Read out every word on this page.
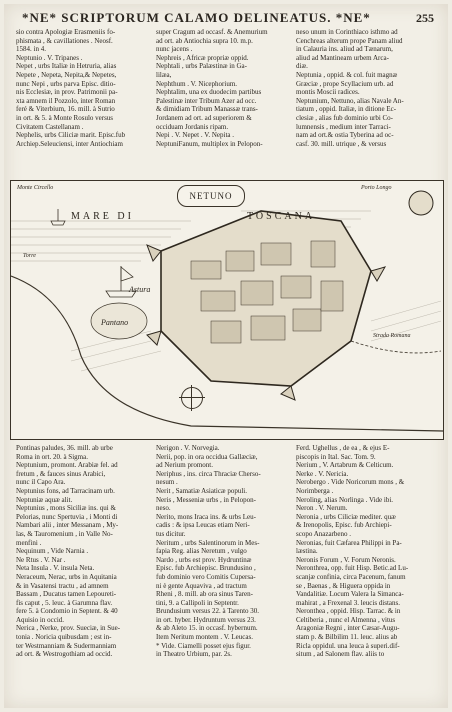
*NE* SCRIPTORUM CALAMO DELINEATUS. *NE*	255

sio contra Apologiæ Erasmeniis fo-

phismata , & cavillationes . Neosf.

1584. in 4.

Neptunio . V. Tripanes .

Nepet , urbs Italiæ in Hetruria, alias

Nepete , Nepeta, Nepita,& Nepetes,

nunc Nepi , urbs parva Episc. ditio-

nis Ecclesiæ, in prov. Patrimonii pa-

xta amnem il Pozzolo, inter Roman

feré & Viterbium, 16. mill. à Sutrio

in ort. & 5. à Monte Rosulo versus

Civitatem Castellanam .

Nephelis, urbs Ciliciæ marit. Episc.fub

Archiep.Seleuciensi, inter Antiochiam

super Cragum ad occasf. & Anemurium

ad ort. ab Antiochia supra 10. m.p.

nunc jacens .

Nephreis , Africæ propriæ oppid.

Nephtali , urbs Palæstinæ in Ga-

lilæa,

Nephthum . V. Nicephorium.

Nephtalim, una ex duodecim partibus

Palestinæ inter Tribum Azer ad occ.

& dimidiam Tribum Manassæ trans-

Jordanem ad ort. ad superiorem &

occiduam Jordanis ripam.

Nepi . V. Nepet . V. Nepita .

NeptuniFanum, multiplex in Pelopon-

neso unum in Corinthiaco isthmo ad

Cenchreas alterum prope Panam aliud

in Calauria ins. aliud ad Tænarum,

aliud ad Mantineam urbem Arca-

diæ.

Neptunia , oppid. & col. fuit magnæ

Græciæ , prope Scyllacium urb. ad

montis Moscii radices.

Neptunium, Nettuno, alias Navale An-

tiatum , oppid. Italiæ, in ditione Ec-

clesiæ , alias fub dominio urbi Co-

lumnensis , medium inter Tarraci-

nam ad ort.& ostia Tyberina ad oc-

casf. 30. mill. utrique , & versus

NETUNO
MARE DI	TOSCANA
Monte Circello	Porto Longo
Astura
Pantano
Strada Romana
Torre

Pontinas paludes, 36. mill. ab urbe

Roma in ort. 20. à Sigma.

Neptunium, promont. Arabiæ fel. ad

fretum , & fauces sinus Arabici,

nunc il Capo Ara.

Neptunius fons, ad Tarracinam urb.

Neptuniæ aquæ alit.

Neptunius , mons Siciliæ ins. qui &

Pelorias, nunc Spertuvia , i Monti di

Nambari alii , inter Messanam , My-

las, & Tauromenium , in Valle No-

menfini .

Nequinum , Vide Narnia .

Ne Rtus . V. Nar .

Neta Insula . V. insula Neta.

Neraceum, Nerac, urbs in Aquitania

& in Vasatensi tractu , ad amnem

Bassam , Ducatus tamen Lepoureti-

fis caput , 5. leuc. à Garumna flav.

fere 5. à Condomio in Septent. & 40

Aquisio in occid.

Nerica , Nerke, prov. Sueciæ, in Sue-

tonia . Noricia quibusdam ; est in-

ter Westmanniam & Sudermanniam

ad ort. & Westrogothiam ad occid.

Nerigon . V. Norvegia.

Nerii, pop. in ora occidua Gallæciæ,

ad Nerium promont.

Neriphus , ins. circa Thraciæ Cherso-

nesum .

Nerit , Samatiæ Asiaticæ populi.

Neris , Messeniæ urbs , in Pelopon-

neso.

Nerito, mons Iraca ins. & urbs Leu-

cadis : & ipsa Leucas etiam Neri-

tus dicitur.

Neritum , urbs Salentinorum in Mes-

fapia Reg. alias Neretum , vulgo

Nardo , urbs est prov. Hydruntinæ

Episc. fub Archiepisc. Brundusino ,

fub dominio vero Comitis Cupersa-

ni è gente Aquaviva , ad tractum

Rheni , 8. mill. ab ora sinus Taren-

tini, 9. a Callipoli in Septentr.

Brundusium versus 22. à Tarento 30.

in ort. hyber. Hydruntum versus 23.

& ab Aleto 15. in occasf. hybernum.

Item Neritum montem . V. Leucas.

* Vide. Ciamelli posset ejus figur.

in Theatro Urbium, par. 2s.

Ferd. Ughellus , de ea , & ejus E-

piscopis in Ital. Sac. Tom. 9.

Nerium , V. Artabrum & Celticum.

Nerke . V. Nericia.

Nerobergo . Vide Noricorum mons , &

Norimberga .

Neroling, alias Norlinga . Vide ibi.

Neron . V. Nerum.

Neronia , urbs Ciliciæ mediter. quæ

& Irenopolis, Episc. fub Archiepi-

scopo Anazarbeno .

Neronias, fuit Cæfarea Philippi in Pa-

læstina.

Neronis Forum , V. Forum Neronis.

Neronthrea, opp. fuit Hisp. Betic.ad Lu-

scanjæ confinia, circa Pacenum, fanum

se , Baenas , & Higuera oppida in

Vandalitiæ. Locum Valera la Simanca-

mahirat , a Frexenal 3. leucis distans.

Neronthea , oppid. Hisp. Tarrac. & in

Celtiberia , nunc el Almenna , vitus

Aragoniæ Regni , inter Cæsar-Augu-

stam p. & Bilbilim 11. leuc. alius ab

Ricla oppidul. una leuca à superi.dif-

situm , ad Salonem flav. aliis to
